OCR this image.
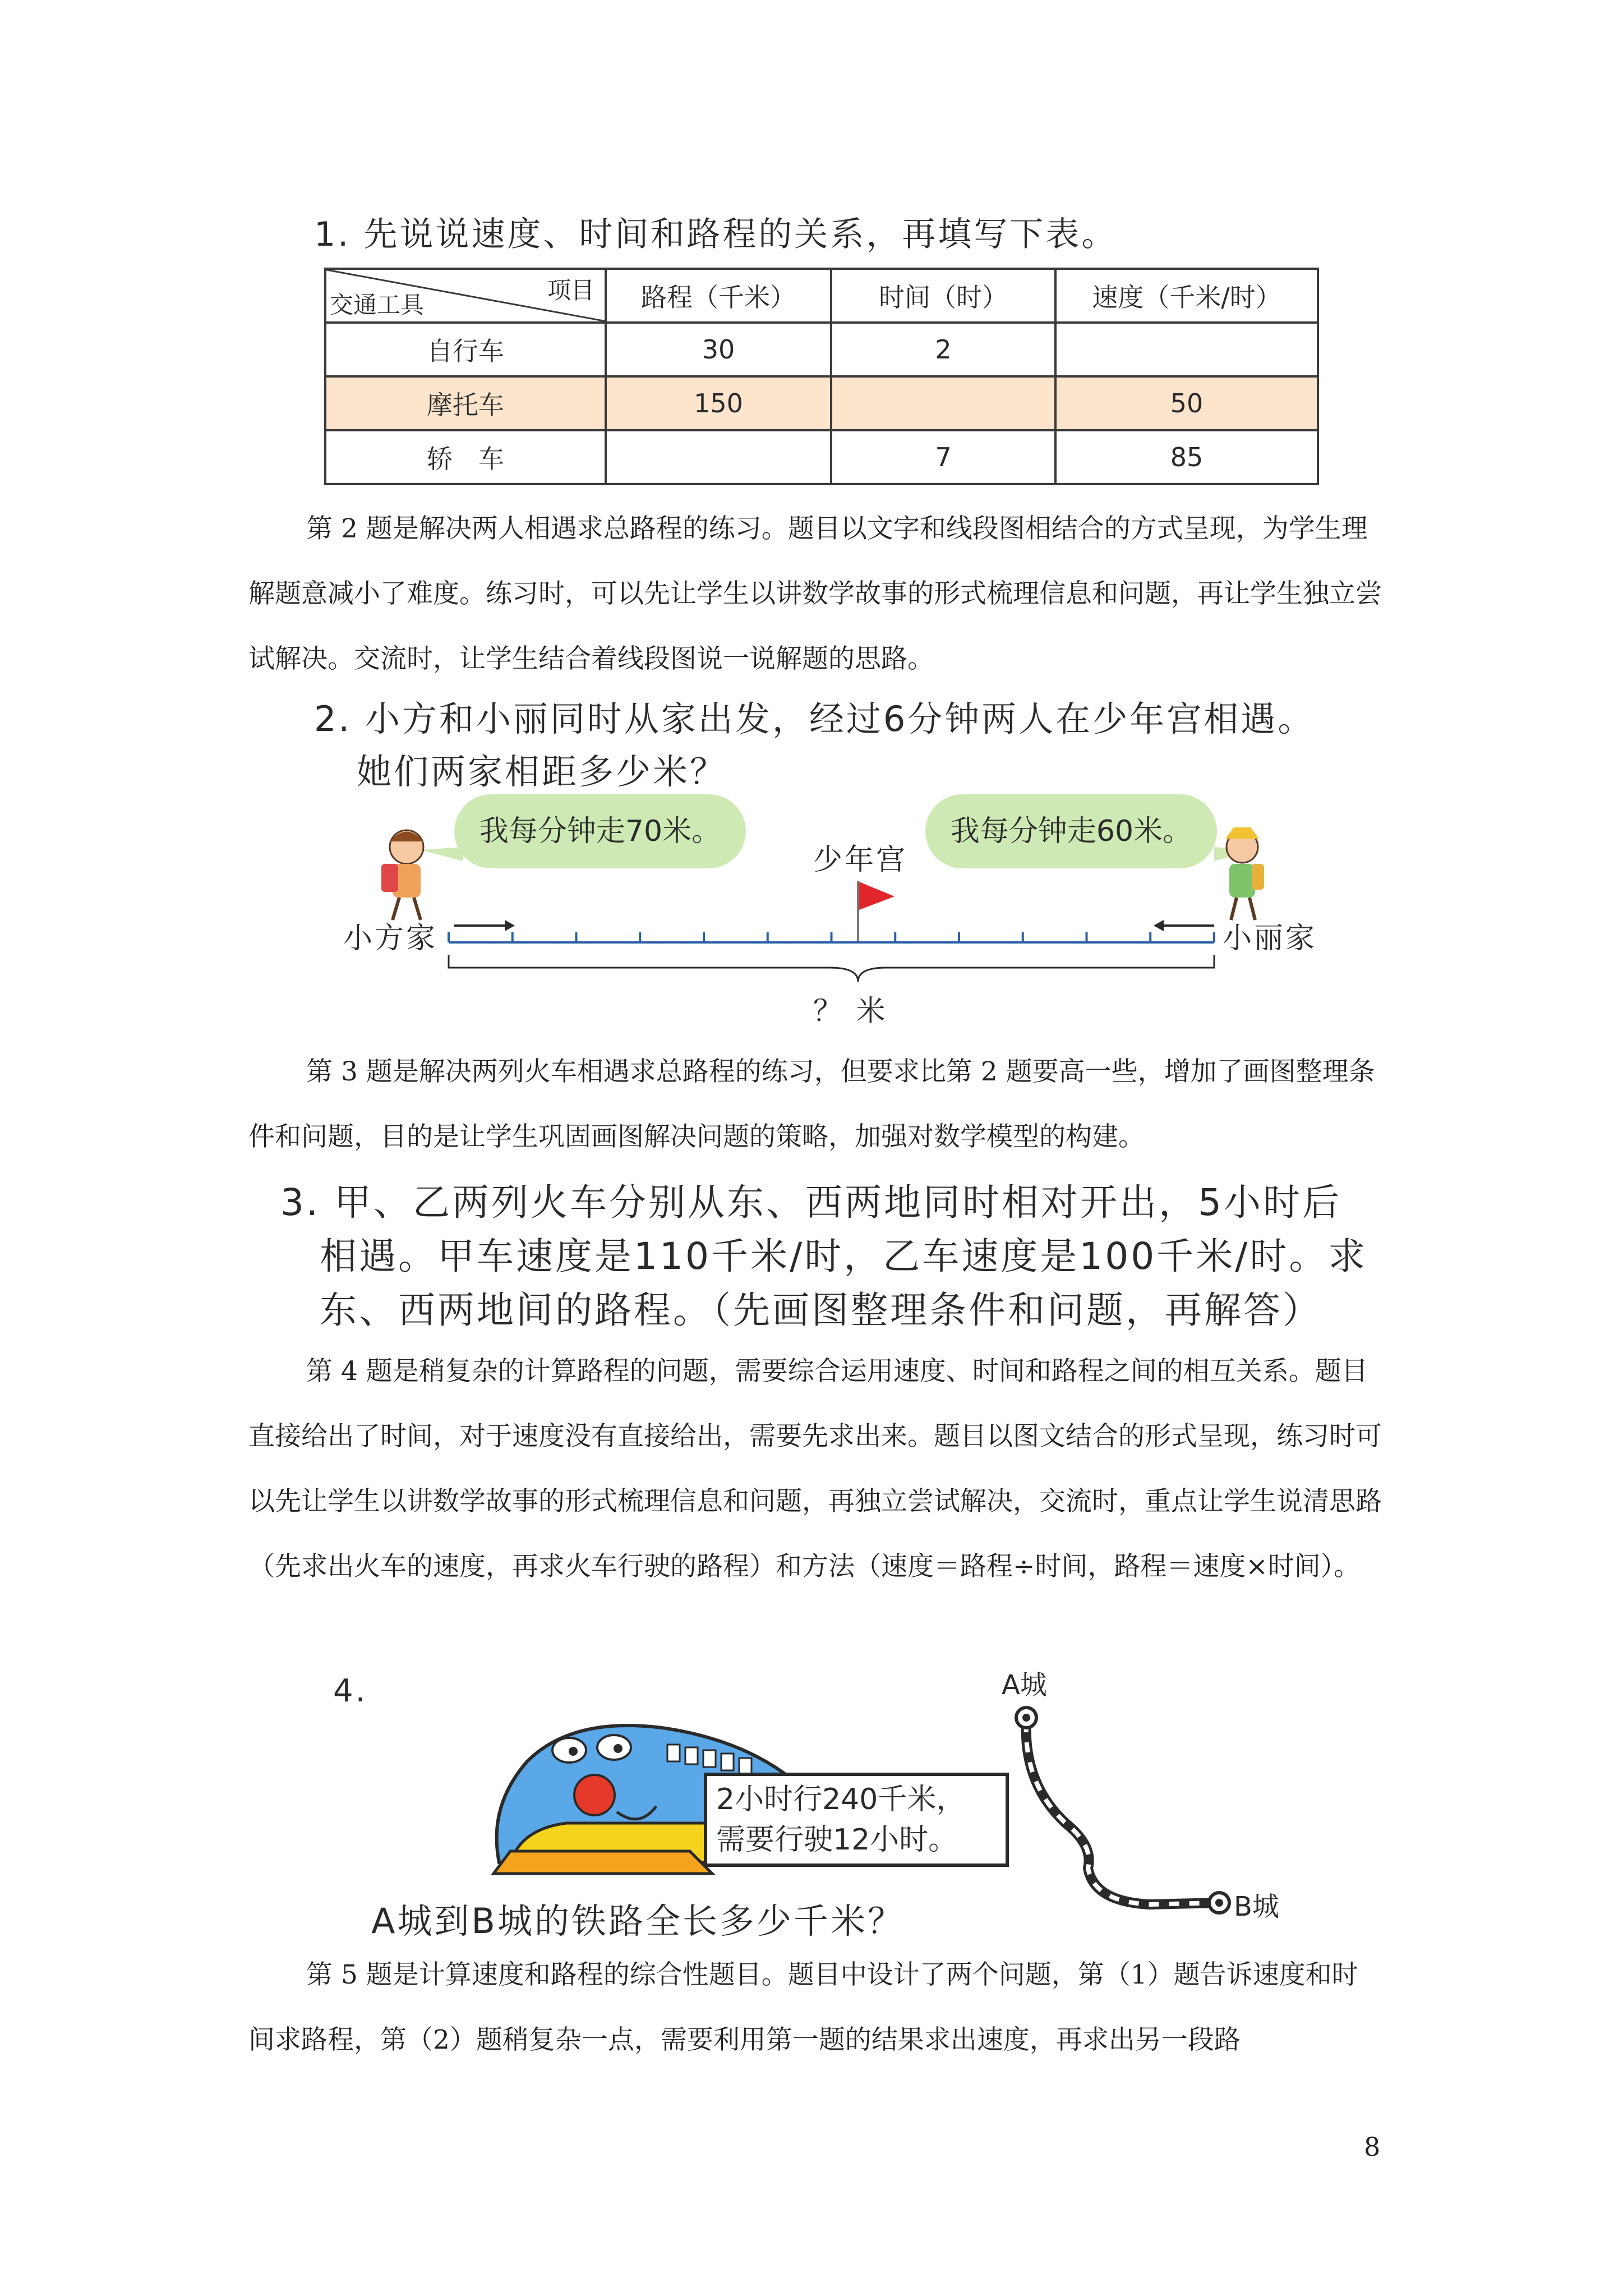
1. 先说说速度、时间和路程的关系，再填写下表。
项目
交通工具	路程（千米）	时间（时）	速度（千米/时）
自行车	30	2	
摩托车	150		50
轿　车		7	85

第 2 题是解决两人相遇求总路程的练习。题目以文字和线段图相结合的方式呈现，为学生理解题意减小了难度。练习时，可以先让学生以讲数学故事的形式梳理信息和问题，再让学生独立尝试解决。交流时，让学生结合着线段图说一说解题的思路。

2. 小方和小丽同时从家出发，经过6分钟两人在少年宫相遇。
她们两家相距多少米？
我每分钟走70米。	我每分钟走60米。
小方家	小丽家
少年宫
？ 米

第 3 题是解决两列火车相遇求总路程的练习，但要求比第 2 题要高一些，增加了画图整理条件和问题，目的是让学生巩固画图解决问题的策略，加强对数学模型的构建。

3. 甲、乙两列火车分别从东、西两地同时相对开出，5小时后
相遇。甲车速度是110千米/时，乙车速度是100千米/时。求
东、西两地间的路程。（先画图整理条件和问题，再解答）

第 4 题是稍复杂的计算路程的问题，需要综合运用速度、时间和路程之间的相互关系。题目直接给出了时间，对于速度没有直接给出，需要先求出来。题目以图文结合的形式呈现，练习时可以先让学生以讲数学故事的形式梳理信息和问题，再独立尝试解决，交流时，重点让学生说清思路（先求出火车的速度，再求火车行驶的路程）和方法（速度＝路程÷时间，路程＝速度×时间）。

4.
2小时行240千米，
需要行驶12小时。
A城
B城
A城到B城的铁路全长多少千米？

第 5 题是计算速度和路程的综合性题目。题目中设计了两个问题，第（1）题告诉速度和时间求路程，第（2）题稍复杂一点，需要利用第一题的结果求出速度，再求出另一段路

8
